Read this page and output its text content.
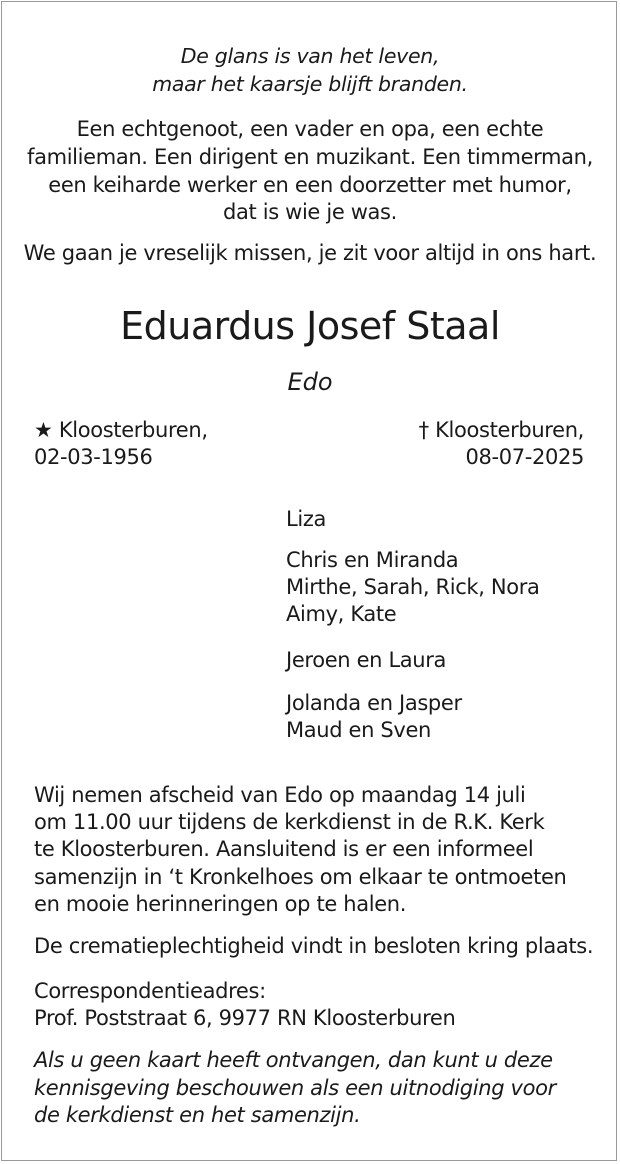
De glans is van het leven,

maar het kaarsje blijft branden.

Een echtgenoot, een vader en opa, een echte

familieman. Een dirigent en muzikant. Een timmerman,

een keiharde werker en een doorzetter met humor,

dat is wie je was.

We gaan je vreselijk missen, je zit voor altijd in ons hart.

Eduardus Josef Staal

Edo

★ Kloosterburen,

02-03-1956

† Kloosterburen,

08-07-2025

Liza

Chris en Miranda

Mirthe, Sarah, Rick, Nora

Aimy, Kate

Jeroen en Laura

Jolanda en Jasper

Maud en Sven

Wij nemen afscheid van Edo op maandag 14 juli

om 11.00 uur tijdens de kerkdienst in de R.K. Kerk

te Kloosterburen. Aansluitend is er een informeel

samenzijn in ‘t Kronkelhoes om elkaar te ontmoeten

en mooie herinneringen op te halen.

De crematieplechtigheid vindt in besloten kring plaats.

Correspondentieadres:

Prof. Poststraat 6, 9977 RN Kloosterburen

Als u geen kaart heeft ontvangen, dan kunt u deze

kennisgeving beschouwen als een uitnodiging voor

de kerkdienst en het samenzijn.
